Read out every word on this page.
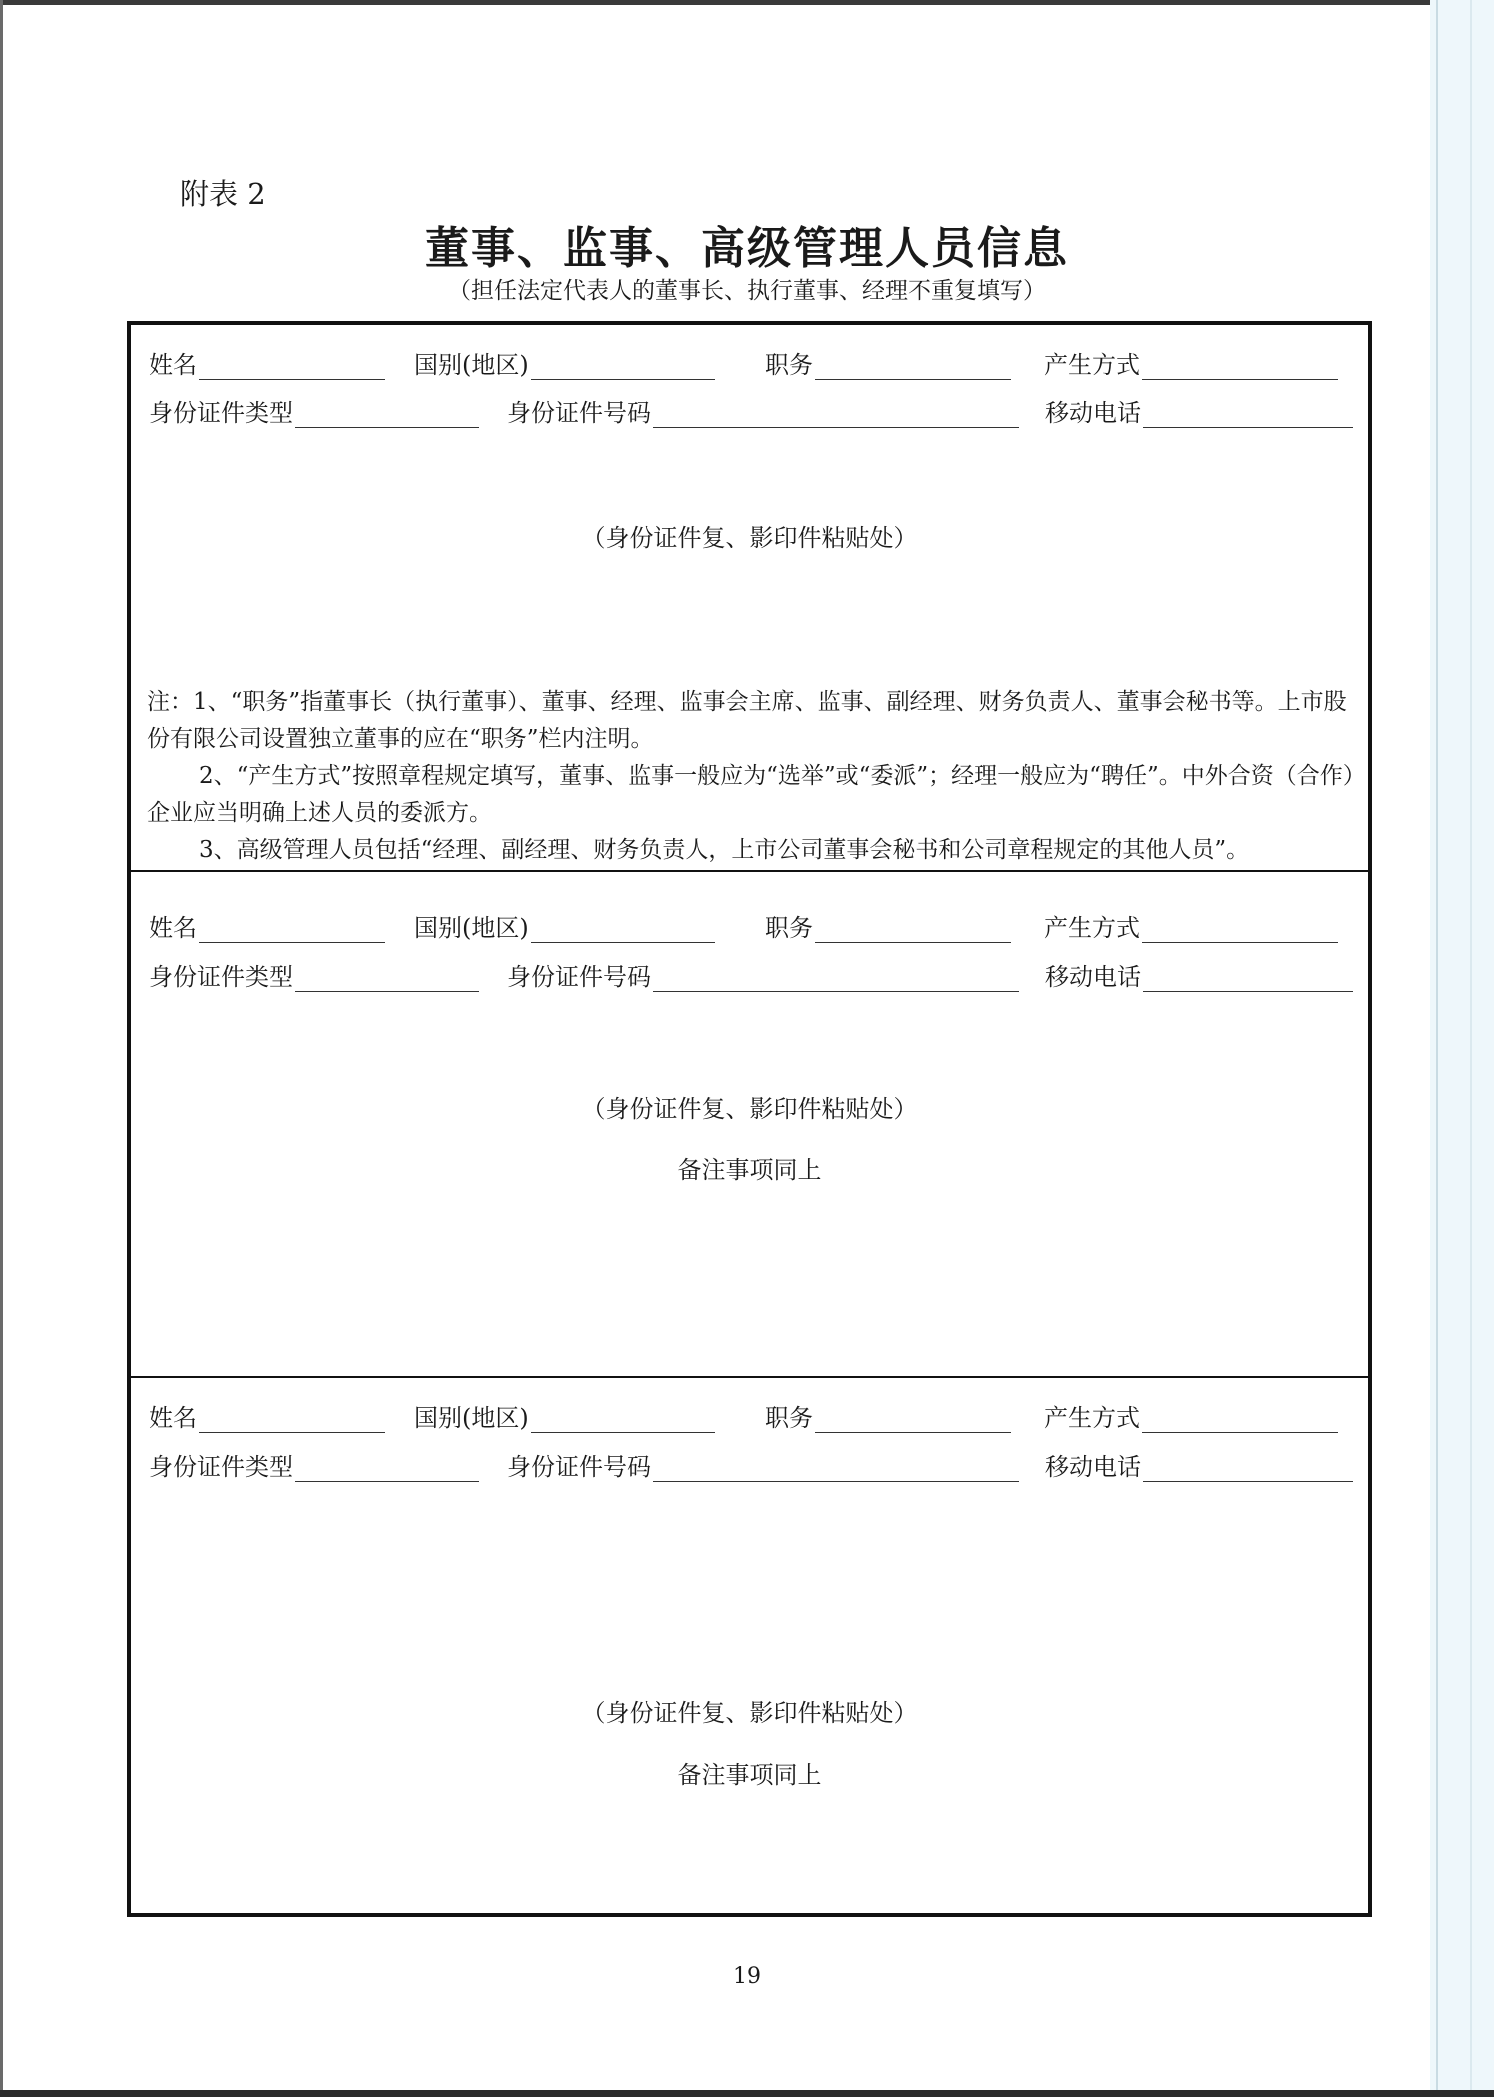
附表 2
董事、监事、高级管理人员信息
（担任法定代表人的董事长、执行董事、经理不重复填写）
姓名	国别(地区)	职务	产生方式
身份证件类型	身份证件号码	移动电话
（身份证件复、影印件粘贴处）

注：1、“职务”指董事长（执行董事）、董事、经理、监事会主席、监事、副经理、财务负责人、董事会秘书等。上市股份有限公司设置独立董事的应在“职务”栏内注明。

2、“产生方式”按照章程规定填写，董事、监事一般应为“选举”或“委派”；经理一般应为“聘任”。中外合资（合作）企业应当明确上述人员的委派方。

3、高级管理人员包括“经理、副经理、财务负责人，上市公司董事会秘书和公司章程规定的其他人员”。

姓名	国别(地区)	职务	产生方式
身份证件类型	身份证件号码	移动电话
（身份证件复、影印件粘贴处）
备注事项同上
姓名	国别(地区)	职务	产生方式
身份证件类型	身份证件号码	移动电话
（身份证件复、影印件粘贴处）
备注事项同上
19
